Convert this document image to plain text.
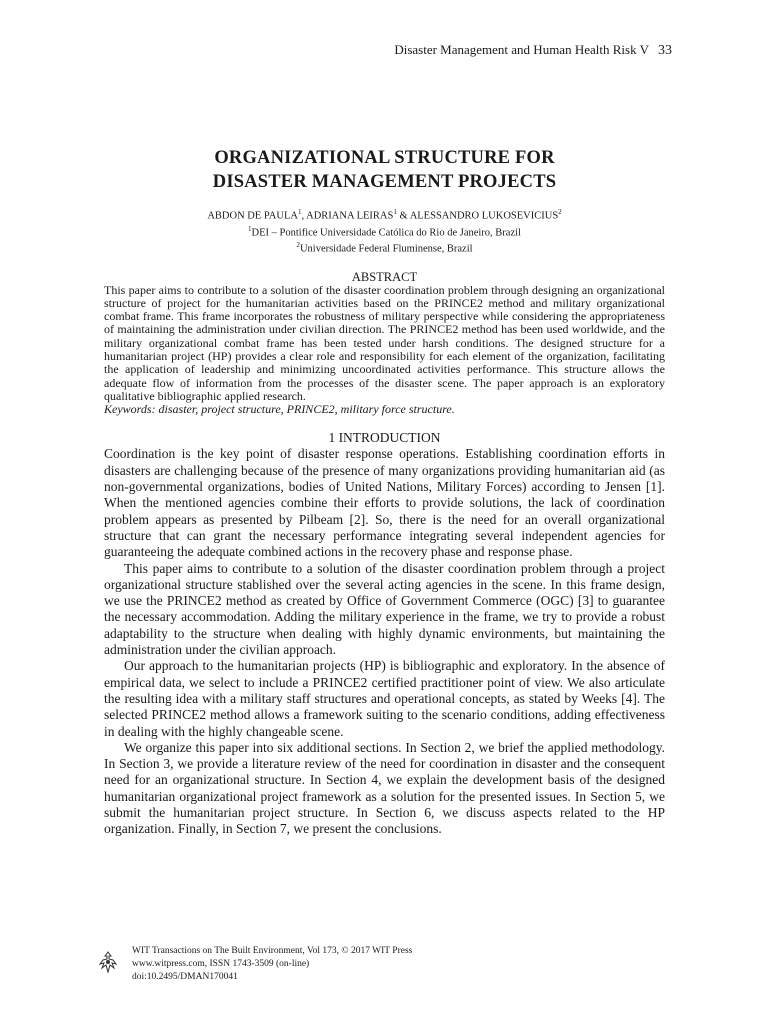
Disaster Management and Human Health Risk V 33
ORGANIZATIONAL STRUCTURE FOR
DISASTER MANAGEMENT PROJECTS
ABDON DE PAULA$^1$, ADRIANA LEIRAS$^1$ & ALESSANDRO LUKOSEVICIUS$^2$
$^1$DEI – Pontifice Universidade Católica do Rio de Janeiro, Brazil
$^2$Universidade Federal Fluminense, Brazil
ABSTRACT

This paper aims to contribute to a solution of the disaster coordination problem through designing an organizational structure of project for the humanitarian activities based on the PRINCE2 method and military organizational combat frame. This frame incorporates the robustness of military perspective while considering the appropriateness of maintaining the administration under civilian direction. The PRINCE2 method has been used worldwide, and the military organizational combat frame has been tested under harsh conditions. The designed structure for a humanitarian project (HP) provides a clear role and responsibility for each element of the organization, facilitating the application of leadership and minimizing uncoordinated activities performance. This structure allows the adequate flow of information from the processes of the disaster scene. The paper approach is an exploratory qualitative bibliographic applied research.

Keywords: disaster, project structure, PRINCE2, military force structure.

1 INTRODUCTION

Coordination is the key point of disaster response operations. Establishing coordination efforts in disasters are challenging because of the presence of many organizations providing humanitarian aid (as non-governmental organizations, bodies of United Nations, Military Forces) according to Jensen [1]. When the mentioned agencies combine their efforts to provide solutions, the lack of coordination problem appears as presented by Pilbeam [2]. So, there is the need for an overall organizational structure that can grant the necessary performance integrating several independent agencies for guaranteeing the adequate combined actions in the recovery phase and response phase.

This paper aims to contribute to a solution of the disaster coordination problem through a project organizational structure stablished over the several acting agencies in the scene. In this frame design, we use the PRINCE2 method as created by Office of Government Commerce (OGC) [3] to guarantee the necessary accommodation. Adding the military experience in the frame, we try to provide a robust adaptability to the structure when dealing with highly dynamic environments, but maintaining the administration under the civilian approach.

Our approach to the humanitarian projects (HP) is bibliographic and exploratory. In the absence of empirical data, we select to include a PRINCE2 certified practitioner point of view. We also articulate the resulting idea with a military staff structures and operational concepts, as stated by Weeks [4]. The selected PRINCE2 method allows a framework suiting to the scenario conditions, adding effectiveness in dealing with the highly changeable scene.

We organize this paper into six additional sections. In Section 2, we brief the applied methodology. In Section 3, we provide a literature review of the need for coordination in disaster and the consequent need for an organizational structure. In Section 4, we explain the development basis of the designed humanitarian organizational project framework as a solution for the presented issues. In Section 5, we submit the humanitarian project structure. In Section 6, we discuss aspects related to the HP organization. Finally, in Section 7, we present the conclusions.

WIT Transactions on The Built Environment, Vol 173, © 2017 WIT Press
www.witpress.com, ISSN 1743-3509 (on-line)
doi:10.2495/DMAN170041
